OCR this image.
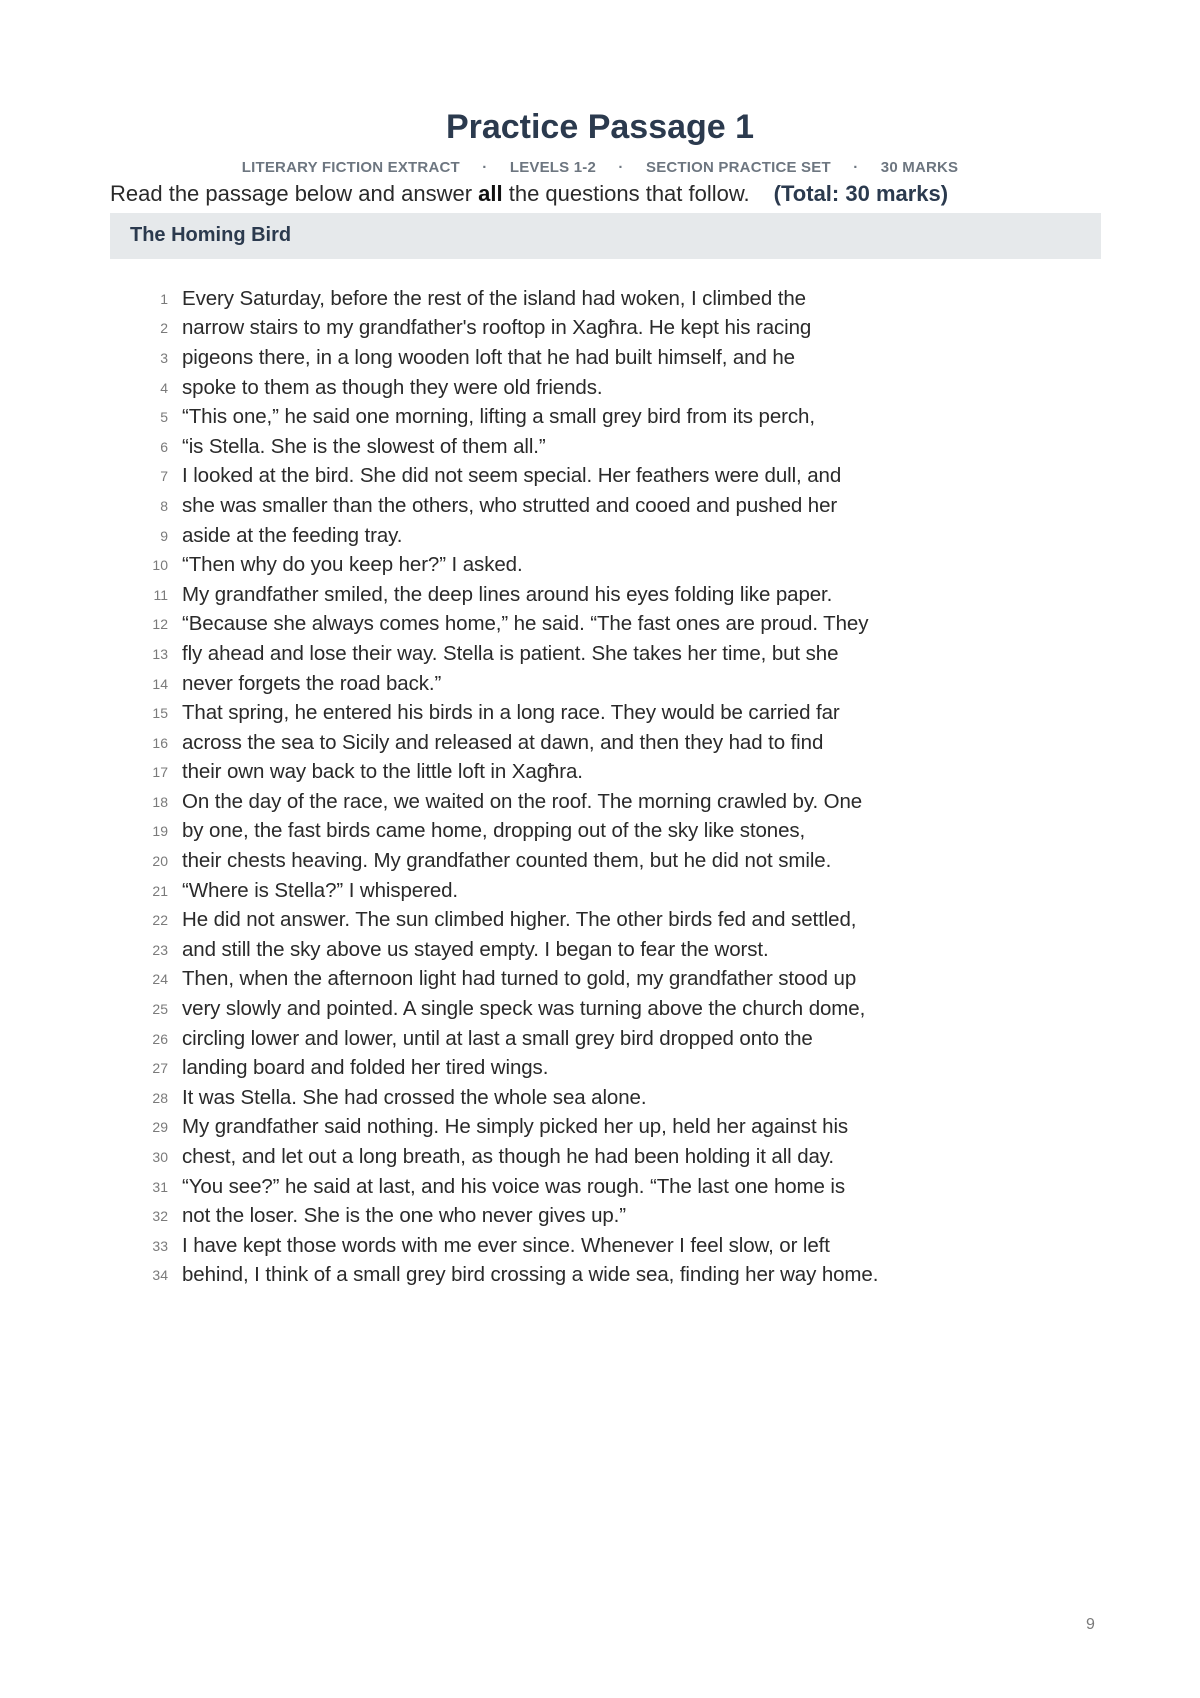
Practice Passage 1
LITERARY FICTION EXTRACT · LEVELS 1-2 · SECTION PRACTICE SET · 30 MARKS
Read the passage below and answer all the questions that follow. (Total: 30 marks)
The Homing Bird
1 Every Saturday, before the rest of the island had woken, I climbed the
2 narrow stairs to my grandfather's rooftop in Xagħra. He kept his racing
3 pigeons there, in a long wooden loft that he had built himself, and he
4 spoke to them as though they were old friends.
5 “This one,” he said one morning, lifting a small grey bird from its perch,
6 “is Stella. She is the slowest of them all.”
7 I looked at the bird. She did not seem special. Her feathers were dull, and
8 she was smaller than the others, who strutted and cooed and pushed her
9 aside at the feeding tray.
10 “Then why do you keep her?” I asked.
11 My grandfather smiled, the deep lines around his eyes folding like paper.
12 “Because she always comes home,” he said. “The fast ones are proud. They
13 fly ahead and lose their way. Stella is patient. She takes her time, but she
14 never forgets the road back.”
15 That spring, he entered his birds in a long race. They would be carried far
16 across the sea to Sicily and released at dawn, and then they had to find
17 their own way back to the little loft in Xagħra.
18 On the day of the race, we waited on the roof. The morning crawled by. One
19 by one, the fast birds came home, dropping out of the sky like stones,
20 their chests heaving. My grandfather counted them, but he did not smile.
21 “Where is Stella?” I whispered.
22 He did not answer. The sun climbed higher. The other birds fed and settled,
23 and still the sky above us stayed empty. I began to fear the worst.
24 Then, when the afternoon light had turned to gold, my grandfather stood up
25 very slowly and pointed. A single speck was turning above the church dome,
26 circling lower and lower, until at last a small grey bird dropped onto the
27 landing board and folded her tired wings.
28 It was Stella. She had crossed the whole sea alone.
29 My grandfather said nothing. He simply picked her up, held her against his
30 chest, and let out a long breath, as though he had been holding it all day.
31 “You see?” he said at last, and his voice was rough. “The last one home is
32 not the loser. She is the one who never gives up.”
33 I have kept those words with me ever since. Whenever I feel slow, or left
34 behind, I think of a small grey bird crossing a wide sea, finding her way home.
9
